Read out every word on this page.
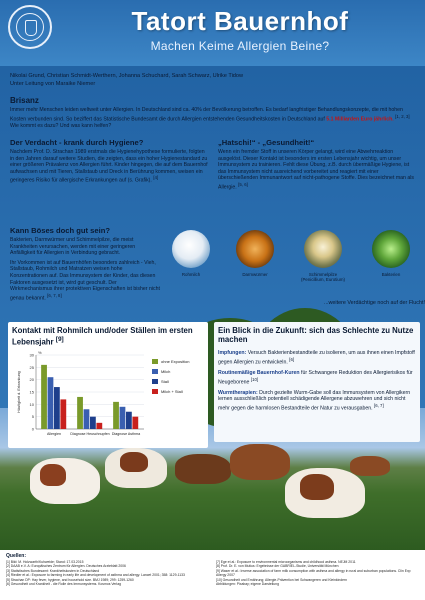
Tatort Bauernhof
Machen Keime Allergien Beine?
Nikolai Grund, Christian Schmidt-Werthern, Johanna Schuchard, Sarah Schwarz, Ulrike Tidow
Unter Leitung von Maraike Niemer
Brisanz
Immer mehr Menschen leiden weltweit unter Allergien. In Deutschland sind ca. 40% der Bevölkerung betroffen. Es bedarf langfristiger Behandlungskonzepte, die mit hohen Kosten verbunden sind. So beziffert das Statistische Bundesamt die durch Allergien entstehenden Gesundheitskosten in Deutschland auf 5.1 Milliarden Euro jährlich. [1, 2, 3]
Wie kommt es dazu? Und was kann helfen?
Der Verdacht - krank durch Hygiene?
Nachdem Prof. D. Strachan 1989 erstmals die Hygienehypothese formulierte, folgten in den Jahren darauf weitere Studien, die zeigten, dass ein hoher Hygienestandard zu einer größeren Prävalenz von Allergien führt. Kinder hingegen, die auf dem Bauernhof aufwachsen und mit Tieren, Stallstaub und Dreck in Berührung kommen, weisen ein geringeres Risiko für allergische Erkrankungen auf (s. Grafik). [4]
„Hatschi!“ - „Gesundheit!“
Wenn ein fremder Stoff in unseren Körper gelangt, wird eine Abwehrreaktion ausgelöst. Dieser Kontakt ist besonders im ersten Lebensjahr wichtig, um unser Immunsystem zu trainieren. Fehlt diese Übung, z.B. durch übermäßige Hygiene, ist das Immunsystem nicht ausreichend vorbereitet und reagiert mit einer überschießenden Immunantwort auf nicht-pathogene Stoffe. Dies bezeichnet man als Allergie. [5, 6]
Kann Böses doch gut sein?
Bakterien, Darmwürmer und Schimmelpilze, die meist Krankheiten verursachen, werden mit einer geringeren Anfälligkeit für Allergien in Verbindung gebracht.
Ihr Vorkommen ist auf Bauernhöfen besonders zahlreich - Vieh, Stallstaub, Rohmilch und Matratzen weisen hohe Konzentrationen auf. Das Immunsystem der Kinder, das diesen Faktoren ausgesetzt ist, wird gut geschult. Der Wirkmechanismus ihrer protektiven Eigenschaften ist bisher nicht genau bekannt. [6, 7, 8]
Rohmilch	Darmwürmer	Schimmelpilze (Penicillium, Eurotium)
Bakterien
...weitere Verdächtige noch auf der Flucht!
Kontakt mit Rohmilch und/oder Ställen im ersten Lebensjahr [9]
0
5
10
15
20
25
30 %
Häufigkeit d. Erkrankung
Allergien	Diagnose Heuschnupfen Diagnose Asthma
ohne Exposition
Milch
Stall
Milch + Stall
Ein Blick in die Zukunft: sich das Schlechte zu Nutze machen
Impfungen: Versuch Bakterienbestandteile zu isolieren, um aus ihnen einen Impfstoff gegen Allergien zu entwickeln. [6]
Routinemäßige Bauernhof-Kuren für Schwangere Reduktion des Allergierisikos für Neugeborene [10]
Wurmtherapien: Durch gezielte Wurm-Gabe soll das Immunsystem von Allergikern lernen ausschließlich potentiell schädigende Allergene abzuwehren und sich nicht mehr gegen die harmlosen Bestandteile der Natur zu verausgaben. [6, 7]
Quellen:
[1] Bild: M. Holzwarth/Kuhweide; Stand: 17.03.2015
[2] DAAB e.V. A: Europäisches Zentrum für Allergien. Deutsches Arzteblatt 2006
[3] Statistisches Bundesamt: Krankheitskosten in Deutschland
[4] Riedler et al.: Exposure to farming in early life and development of asthma and allergy. Lancet 2001; 358: 1129-1133
[5] Strachan DP: Hay fever, hygiene, and household size. BMJ 1989; 299: 1259-1260
[6] Gesundheit und Krankheit - die Rolle des Immunsystems. Kosmos Verlag
[7] Ege et al.: Exposure to environmental microorganisms and childhood asthma. NEJM 2011
[8] Prof. Dr. E. von Mutius: Ergebnisse der GABRIEL-Studie, Universität München
[9] Waser et al.: Inverse association of farm milk consumption with asthma and allergy in rural and suburban populations. Clin Exp Allergy 2007
[10] Gesundheit und Ernährung; Allergie-Prävention bei Schwangeren und Kleinkindern
Abbildungen: Pixabay; eigene Darstellung
